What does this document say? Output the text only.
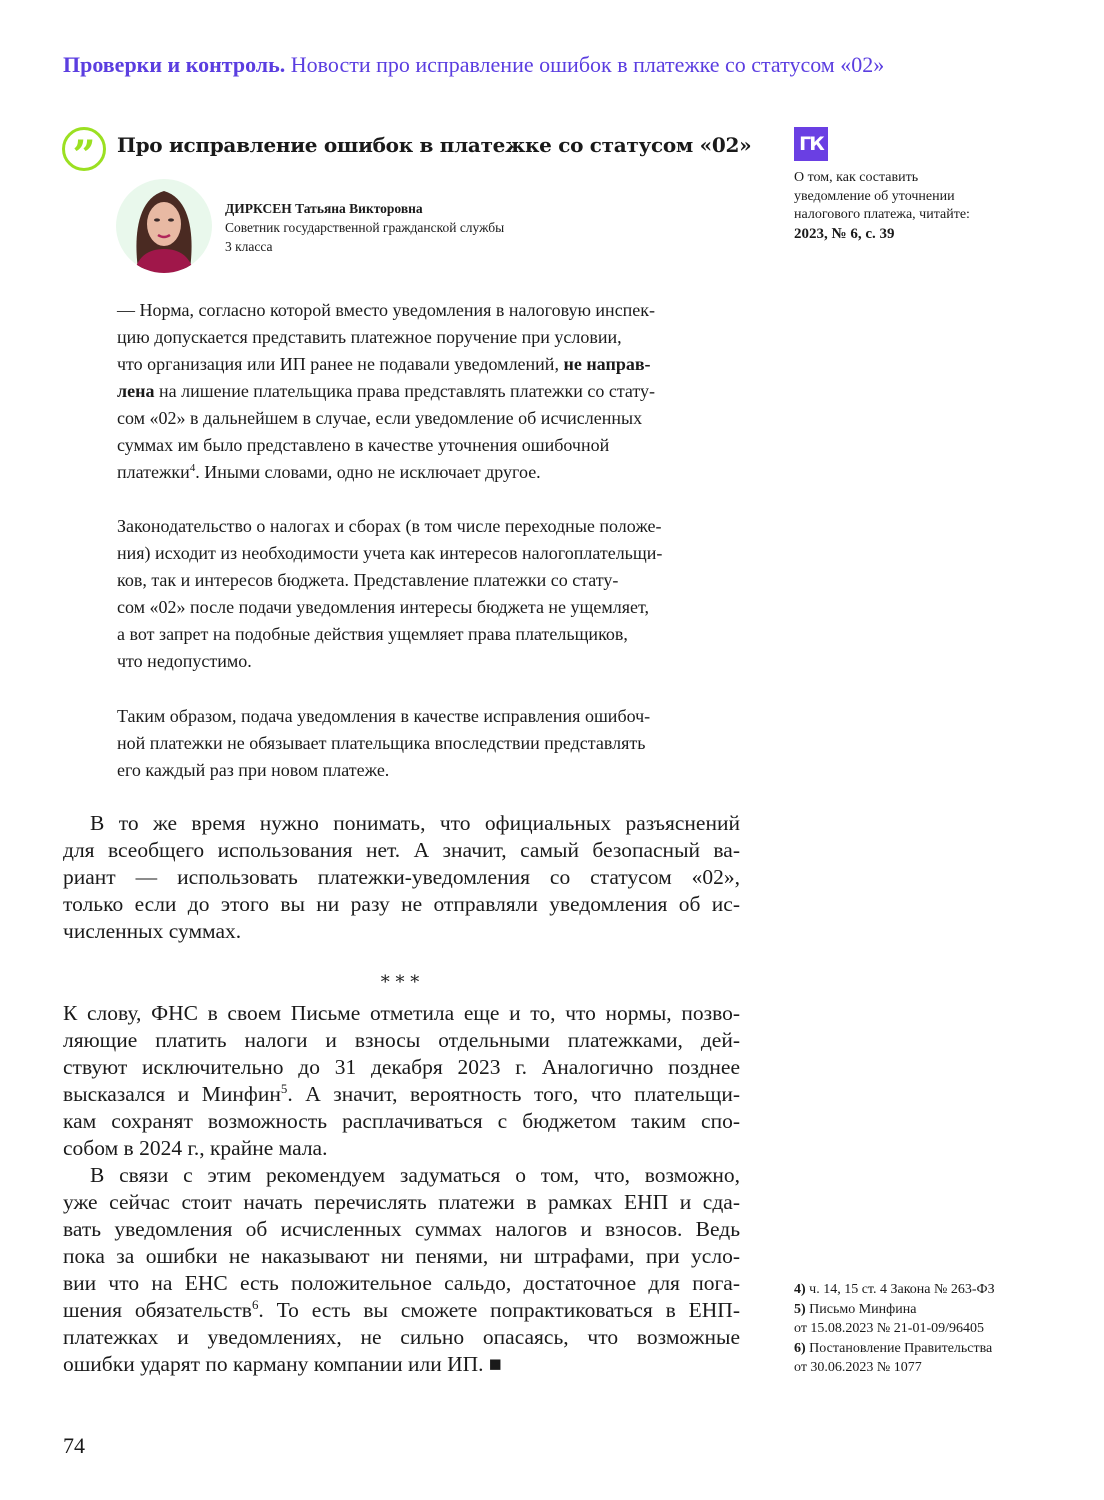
Проверки и контроль. Новости про исправление ошибок в платежке со статусом «02»
”	Про исправление ошибок в платежке со статусом «02»
ДИРКСЕН Татьяна Викторовна
Советник государственной гражданской службы
3 класса
— Норма, согласно которой вместо уведомления в налоговую инспек-
цию допускается представить платежное поручение при условии,
что организация или ИП ранее не подавали уведомлений, не направ-
лена на лишение плательщика права представлять платежки со стату-
сом «02» в дальнейшем в случае, если уведомление об исчисленных
суммах им было представлено в качестве уточнения ошибочной
платежки$^4$. Иными словами, одно не исключает другое.
Законодательство о налогах и сборах (в том числе переходные положе-
ния) исходит из необходимости учета как интересов налогоплательщи-
ков, так и интересов бюджета. Представление платежки со стату-
сом «02» после подачи уведомления интересы бюджета не ущемляет,
а вот запрет на подобные действия ущемляет права плательщиков,
что недопустимо.
Таким образом, подача уведомления в качестве исправления ошибоч-
ной платежки не обязывает плательщика впоследствии представлять
его каждый раз при новом платеже.
В то же время нужно понимать, что официальных разъяснений
для всеобщего использования нет. А значит, самый безопасный ва-
риант — использовать платежки-уведомления со статусом «02»,
только если до этого вы ни разу не отправляли уведомления об ис-
численных суммах.
* * *
К слову, ФНС в своем Письме отметила еще и то, что нормы, позво-
ляющие платить налоги и взносы отдельными платежками, дей-
ствуют исключительно до 31 декабря 2023 г. Аналогично позднее
высказался и Минфин$^5$. А значит, вероятность того, что плательщи-
кам сохранят возможность расплачиваться с бюджетом таким спо-
собом в 2024 г., крайне мала.
В связи с этим рекомендуем задуматься о том, что, возможно,
уже сейчас стоит начать перечислять платежи в рамках ЕНП и сда-
вать уведомления об исчисленных суммах налогов и взносов. Ведь
пока за ошибки не наказывают ни пенями, ни штрафами, при усло-
вии что на ЕНС есть положительное сальдо, достаточное для пога-
шения обязательств$^6$. То есть вы сможете попрактиковаться в ЕНП-
платежках и уведомлениях, не сильно опасаясь, что возможные
ошибки ударят по карману компании или ИП. ■
ГК
О том, как составить
уведомление об уточнении
налогового платежа, читайте:
2023, № 6, с. 39
4) ч. 14, 15 ст. 4 Закона № 263-ФЗ
5) Письмо Минфина
от 15.08.2023 № 21-01-09/96405
6) Постановление Правительства
от 30.06.2023 № 1077
74
